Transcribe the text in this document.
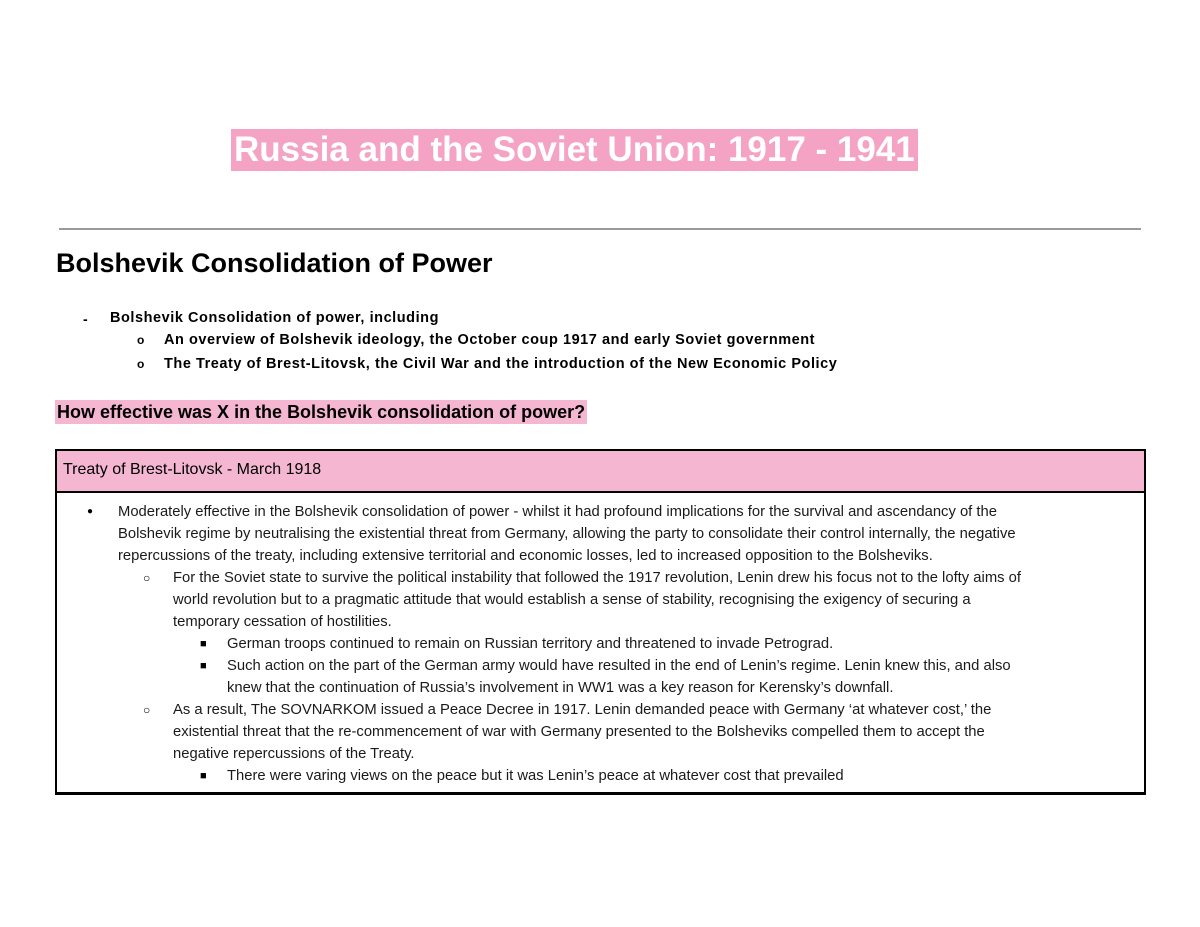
Russia and the Soviet Union: 1917 - 1941
Bolshevik Consolidation of Power
- Bolshevik Consolidation of power, including
o An overview of Bolshevik ideology, the October coup 1917 and early Soviet government
o The Treaty of Brest-Litovsk, the Civil War and the introduction of the New Economic Policy
How effective was X in the Bolshevik consolidation of power?
Treaty of Brest-Litovsk - March 1918
● Moderately effective in the Bolshevik consolidation of power - whilst it had profound implications for the survival and ascendancy of the
Bolshevik regime by neutralising the existential threat from Germany, allowing the party to consolidate their control internally, the negative
repercussions of the treaty, including extensive territorial and economic losses, led to increased opposition to the Bolsheviks.
○ For the Soviet state to survive the political instability that followed the 1917 revolution, Lenin drew his focus not to the lofty aims of
world revolution but to a pragmatic attitude that would establish a sense of stability, recognising the exigency of securing a
temporary cessation of hostilities.
■ German troops continued to remain on Russian territory and threatened to invade Petrograd.
■ Such action on the part of the German army would have resulted in the end of Lenin’s regime. Lenin knew this, and also
knew that the continuation of Russia’s involvement in WW1 was a key reason for Kerensky’s downfall.
○ As a result, The SOVNARKOM issued a Peace Decree in 1917. Lenin demanded peace with Germany ‘at whatever cost,’ the
existential threat that the re-commencement of war with Germany presented to the Bolsheviks compelled them to accept the
negative repercussions of the Treaty.
■ There were varing views on the peace but it was Lenin’s peace at whatever cost that prevailed
